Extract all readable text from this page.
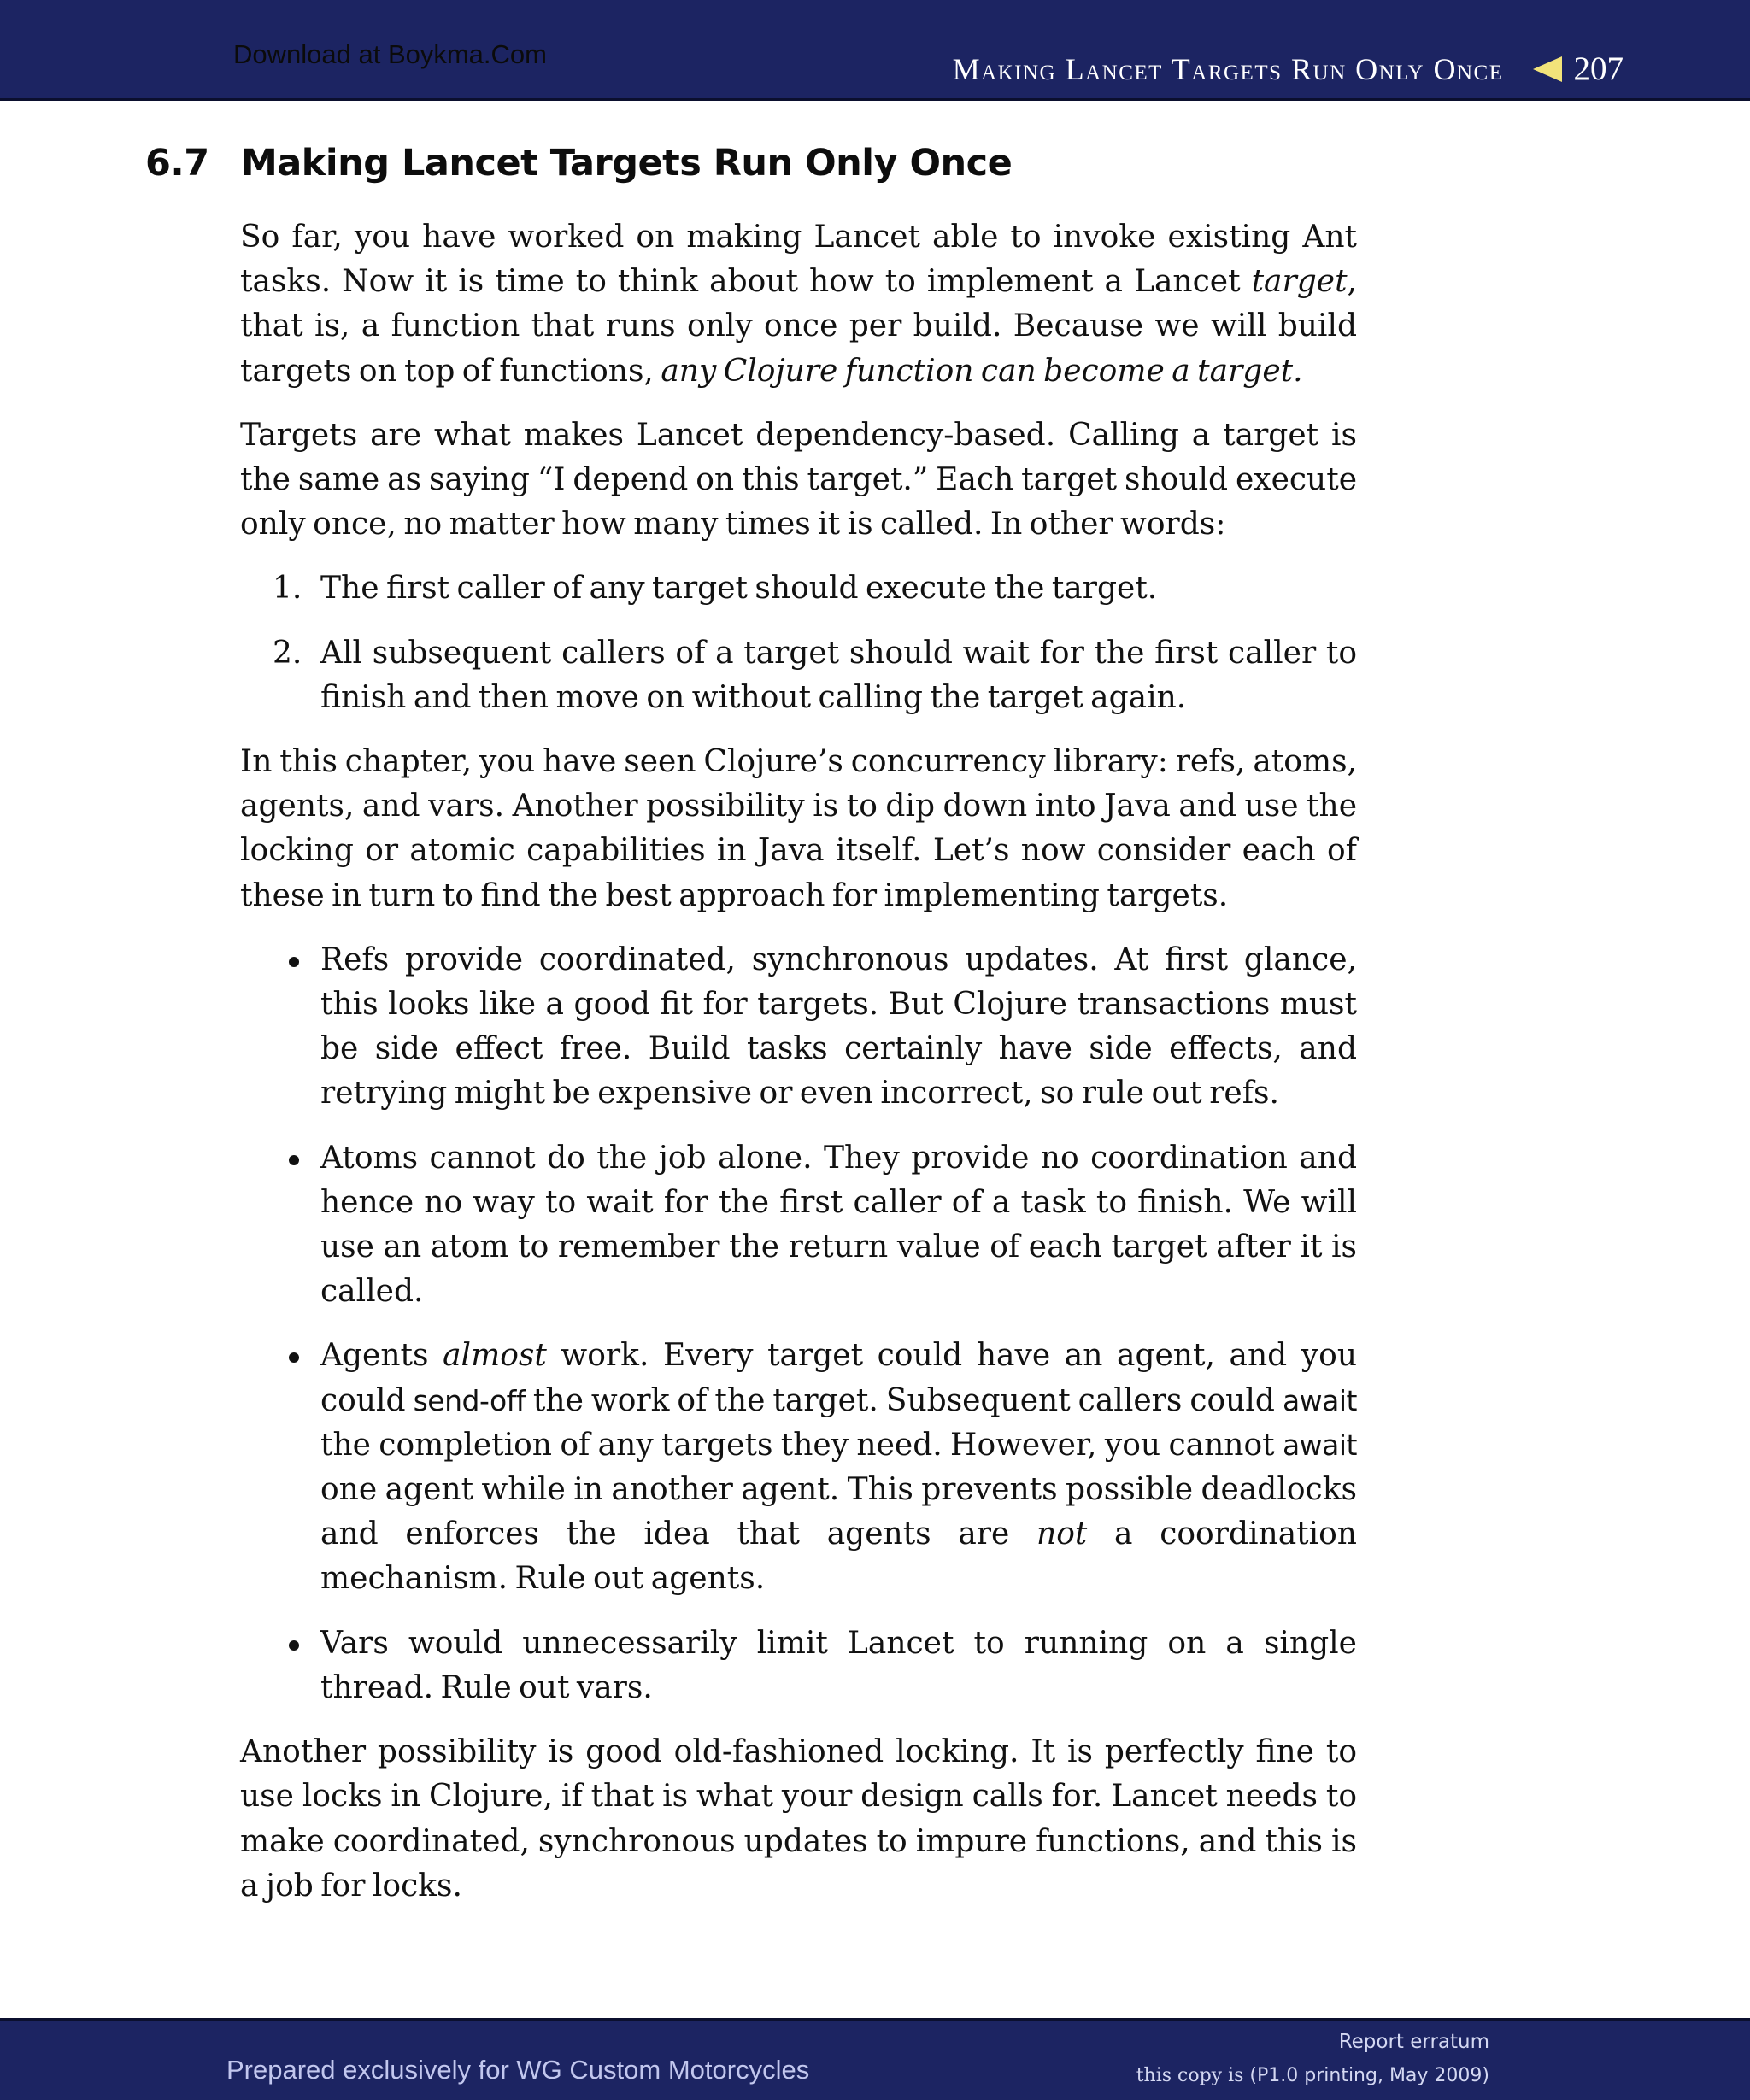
Download at Boykma.Com	Making Lancet Targets Run Only Once 207
6.7 Making Lancet Targets Run Only Once

So far, you have worked on making Lancet able to invoke existing Ant tasks. Now it is time to think about how to implement a Lancet target, that is, a function that runs only once per build. Because we will build targets on top of functions, any Clojure function can become a target.

Targets are what makes Lancet dependency-based. Calling a target is the same as saying “I depend on this target.” Each target should execute only once, no matter how many times it is called. In other words:

1. The first caller of any target should execute the target.
2. All subsequent callers of a target should wait for the first caller to finish and then move on without calling the target again.

In this chapter, you have seen Clojure’s concurrency library: refs, atoms, agents, and vars. Another possibility is to dip down into Java and use the locking or atomic capabilities in Java itself. Let’s now consider each of these in turn to find the best approach for implementing targets.

Refs provide coordinated, synchronous updates. At first glance, this looks like a good fit for targets. But Clojure transactions must be side effect free. Build tasks certainly have side effects, and retrying might be expensive or even incorrect, so rule out refs.
Atoms cannot do the job alone. They provide no coordination and hence no way to wait for the first caller of a task to finish. We will use an atom to remember the return value of each target after it is called.
Agents almost work. Every target could have an agent, and you could send-off the work of the target. Subsequent callers could await the completion of any targets they need. However, you cannot await one agent while in another agent. This prevents possible deadlocks and enforces the idea that agents are not a coordination mechanism. Rule out agents.
Vars would unnecessarily limit Lancet to running on a single thread. Rule out vars.

Another possibility is good old-fashioned locking. It is perfectly fine to use locks in Clojure, if that is what your design calls for. Lancet needs to make coordinated, synchronous updates to impure functions, and this is a job for locks.

Prepared exclusively for WG Custom Motorcycles
Report erratum
this copy is (P1.0 printing, May 2009)
